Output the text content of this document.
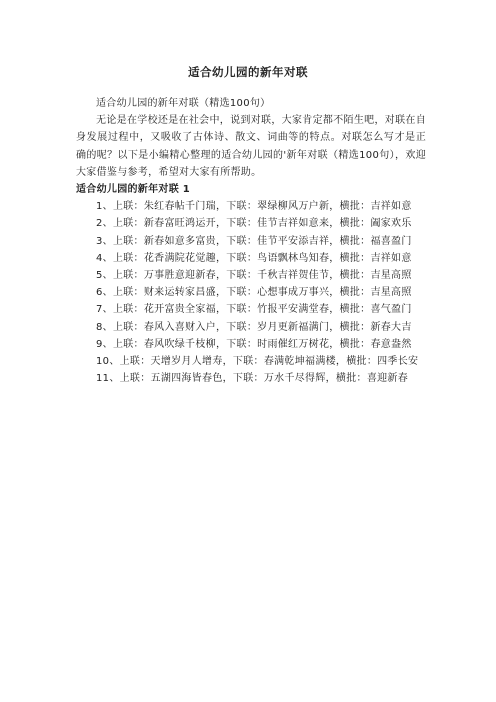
适合幼儿园的新年对联

适合幼儿园的新年对联（精选100句）

无论是在学校还是在社会中，说到对联，大家肯定都不陌生吧，对联在自身发展过程中，又吸收了古体诗、散文、词曲等的特点。对联怎么写才是正确的呢？以下是小编精心整理的适合幼儿园的'新年对联（精选100句），欢迎大家借鉴与参考，希望对大家有所帮助。

适合幼儿园的新年对联 1

1、上联：朱红春帖千门瑞，下联：翠绿柳风万户新，横批：吉祥如意

2、上联：新春富旺鸿运开，下联：佳节吉祥如意来，横批：阖家欢乐

3、上联：新春如意多富贵，下联：佳节平安添吉祥，横批：福喜盈门

4、上联：花香满院花觉趣，下联：鸟语飘林鸟知春，横批：吉祥如意

5、上联：万事胜意迎新春，下联：千秋吉祥贺佳节，横批：吉星高照

6、上联：财来运转家昌盛，下联：心想事成万事兴，横批：吉星高照

7、上联：花开富贵全家福，下联：竹报平安满堂春，横批：喜气盈门

8、上联：春风入喜财入户，下联：岁月更新福满门，横批：新春大吉

9、上联：春风吹绿千枝柳，下联：时雨催红万树花，横批：春意盎然

10、上联：天增岁月人增寿，下联：春满乾坤福满楼，横批：四季长安

11、上联：五湖四海皆春色，下联：万水千尽得辉，横批：喜迎新春
